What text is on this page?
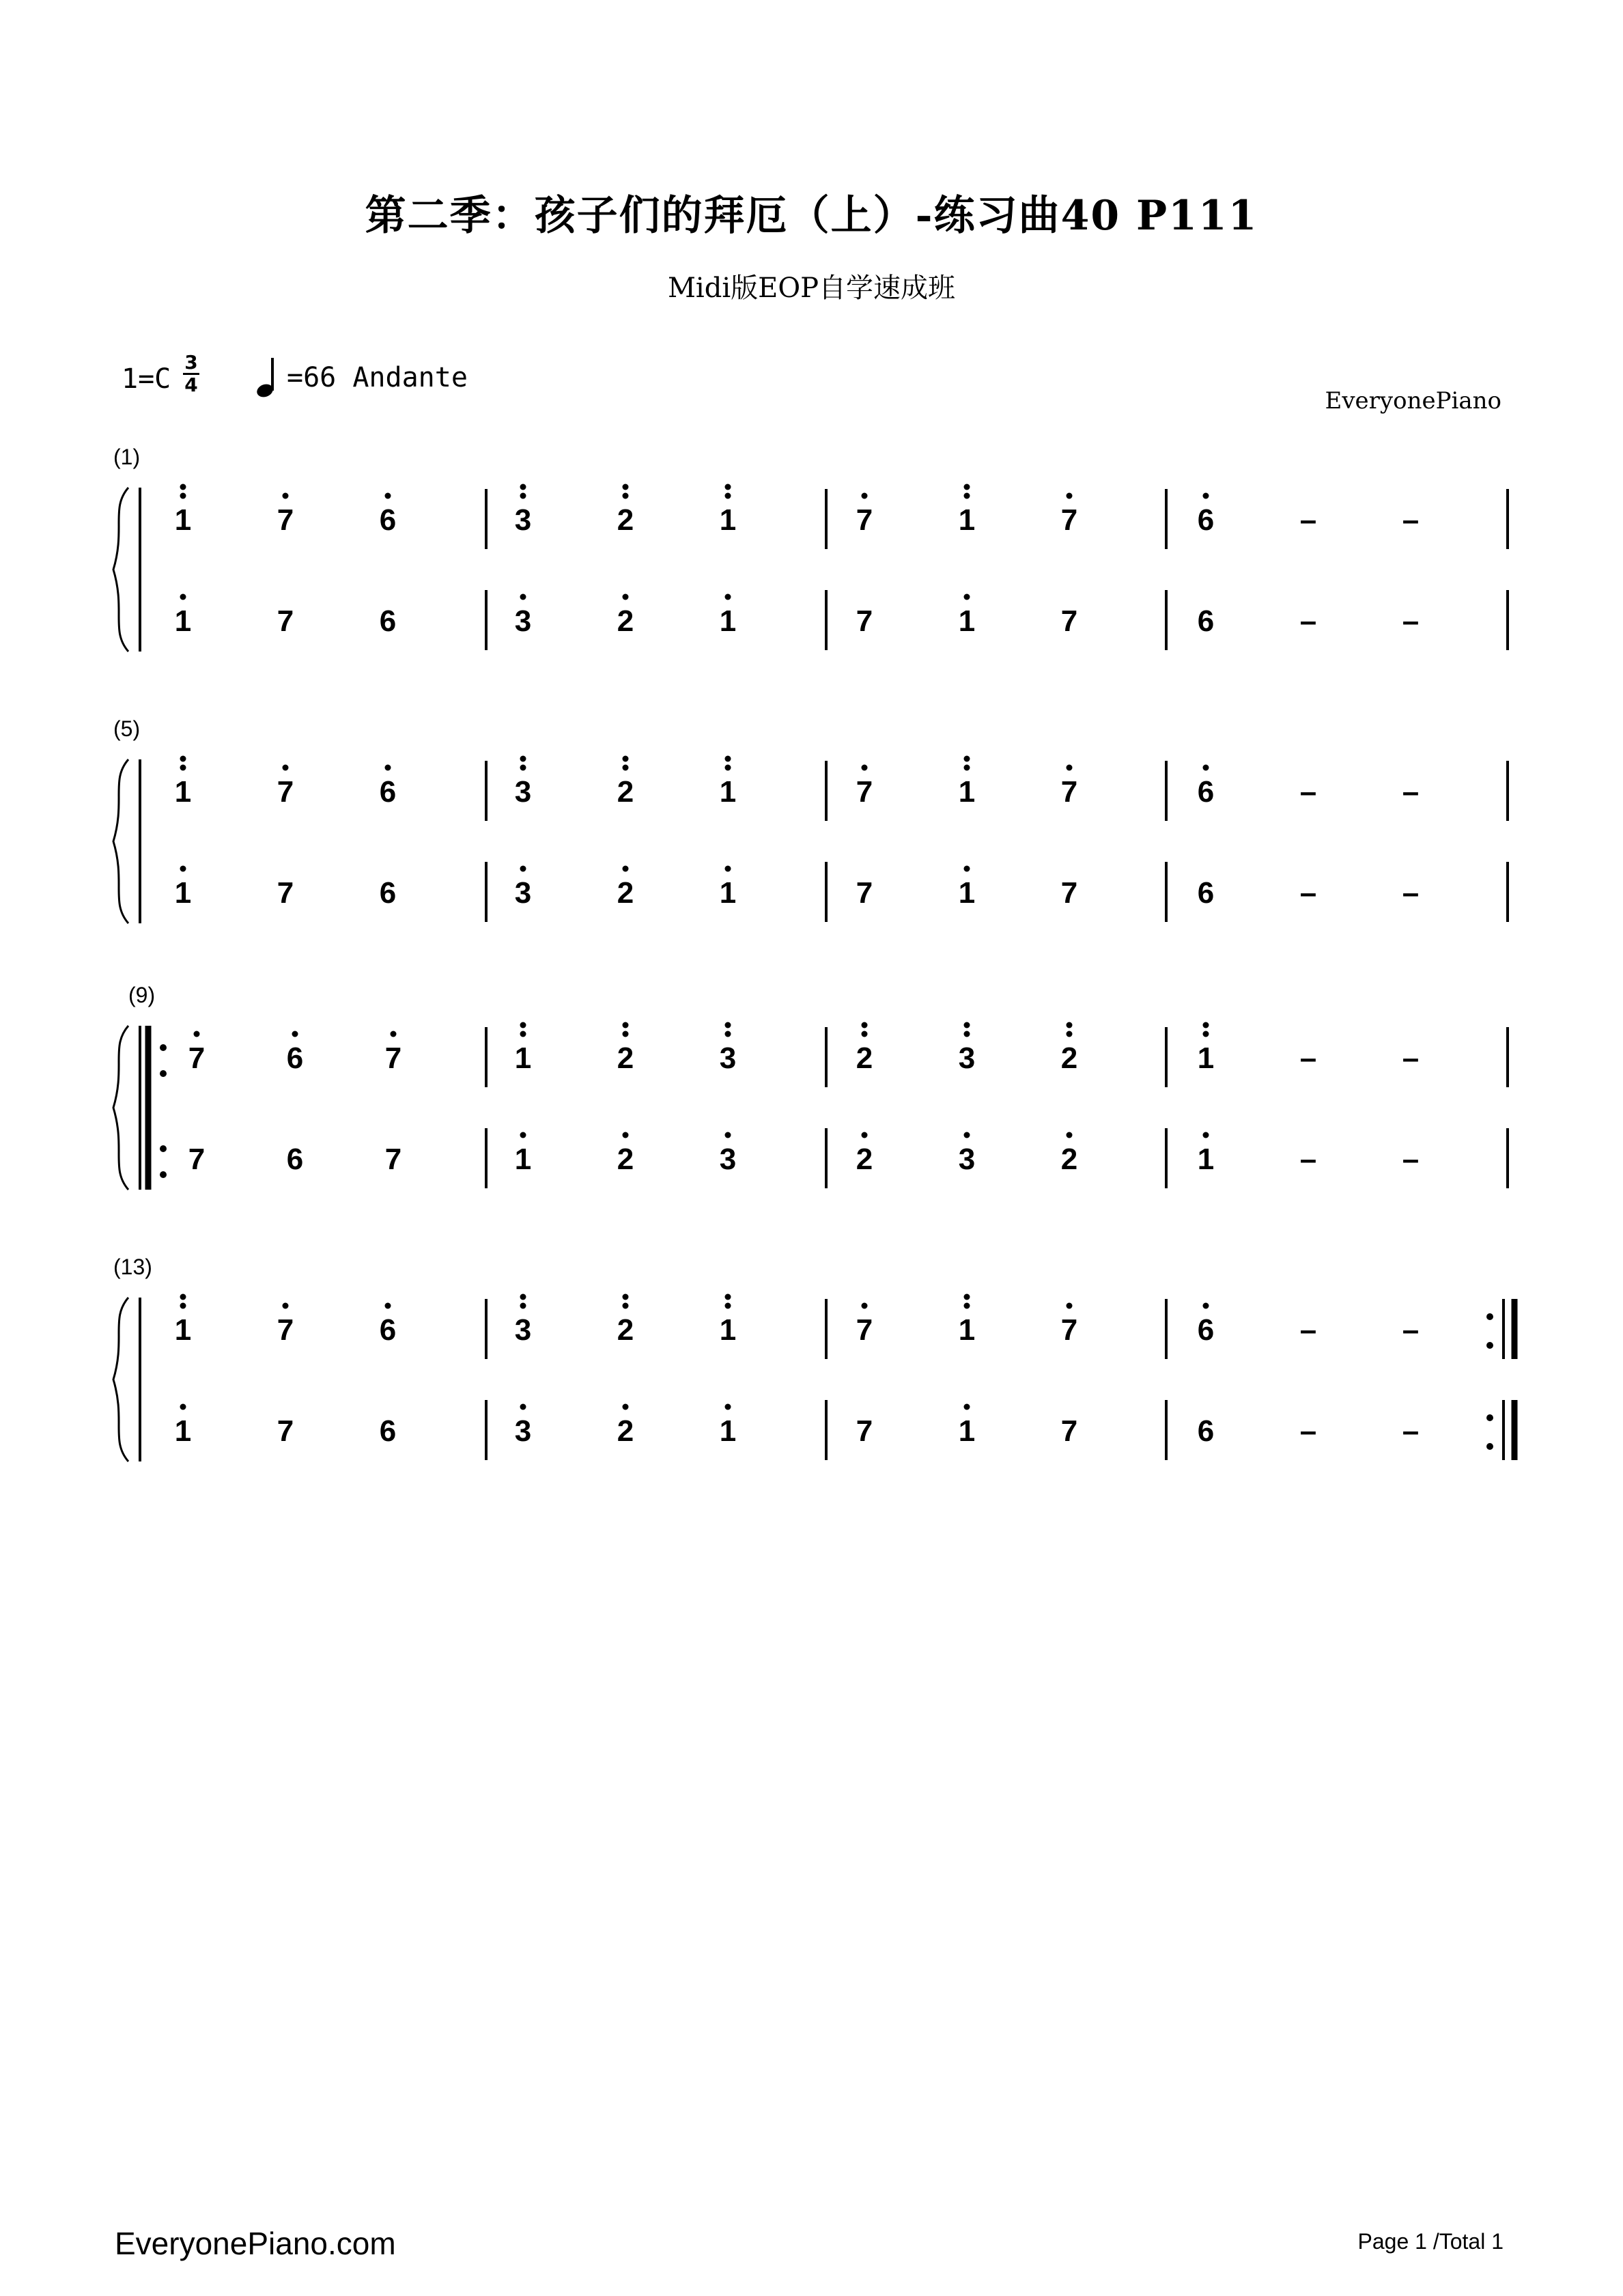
第二季：孩子们的拜厄（上）-练习曲40 P111
Midi版EOP自学速成班
1=C
3
4	=66 Andante
EveryonePiano
(1)
1	7	6	3	2	1	7	1	7	6	–	–
1	7	6	3	2	1	7	1	7	6	–	–
(5)
1	7	6	3	2	1	7	1	7	6	–	–
1	7	6	3	2	1	7	1	7	6	–	–
(9)
7	6	7	1	2	3	2	3	2	1	–	–
7	6	7	1	2	3	2	3	2	1	–	–
(13)
1	7	6	3	2	1	7	1	7	6	–	–
1	7	6	3	2	1	7	1	7	6	–	–
EveryonePiano.com	Page 1 /Total 1
